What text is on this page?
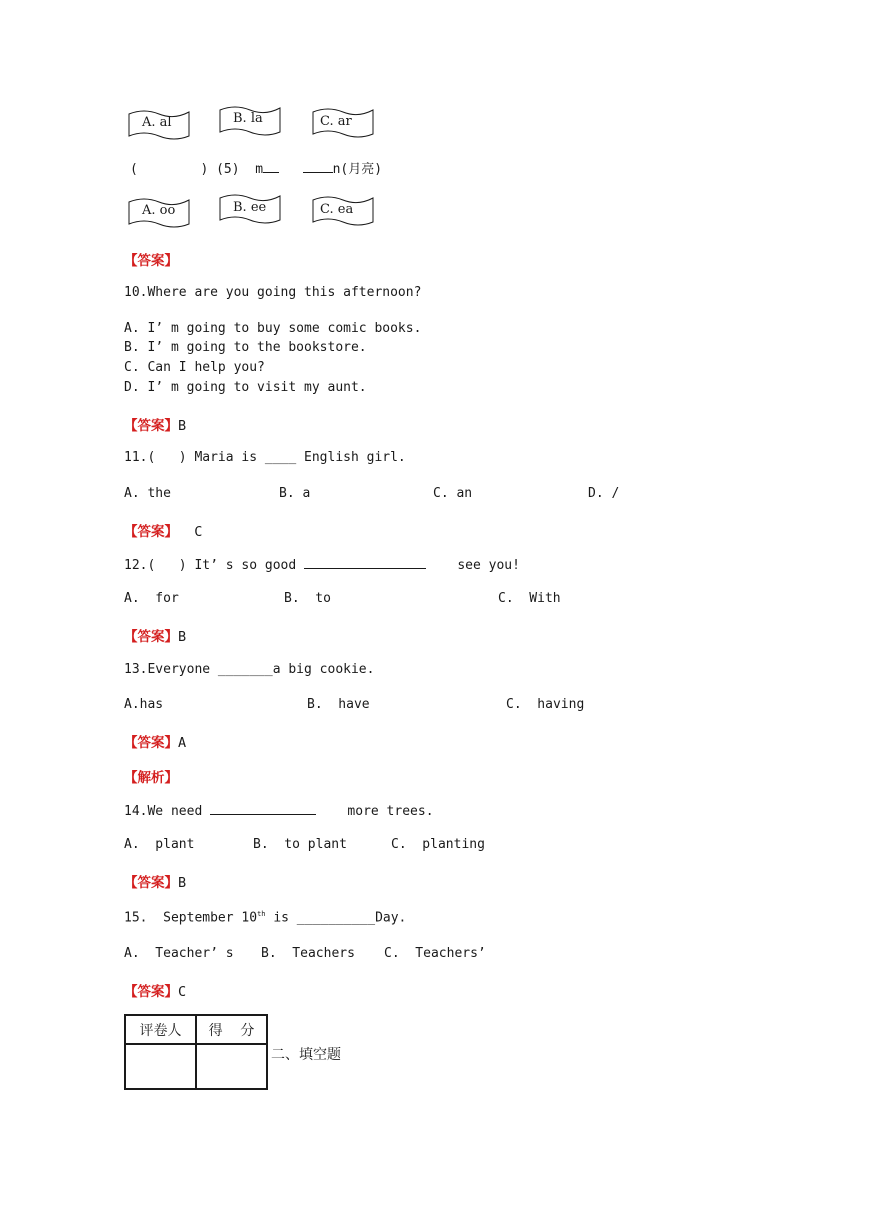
A. al	B. la	C. ar
(        ) (5) m	n(月亮)
A. oo	B. ee	C. ea
【答案】
10.Where are you going this afternoon?
A. I’ m going to buy some comic books.
B. I’ m going to the bookstore.
C. Can I help you?
D. I’ m going to visit my aunt.
【答案】B
11.(   ) Maria is ____ English girl.
A. the	B. a	C. an	D. /
【答案】  C
12.(   ) It’ s so good	see you!
A.  for	B.  to	C.  With
【答案】B
13.Everyone _______a big cookie.
A.has	B.  have	C.  having
【答案】A
【解析】
14.We need	more trees.
A.  plant	B.  to plant	C.  planting
【答案】B
15.  September 10th is __________Day.
A.  Teacher’ s B.  Teachers C.  Teachers’
【答案】C
评卷人	得    分

二、填空题
